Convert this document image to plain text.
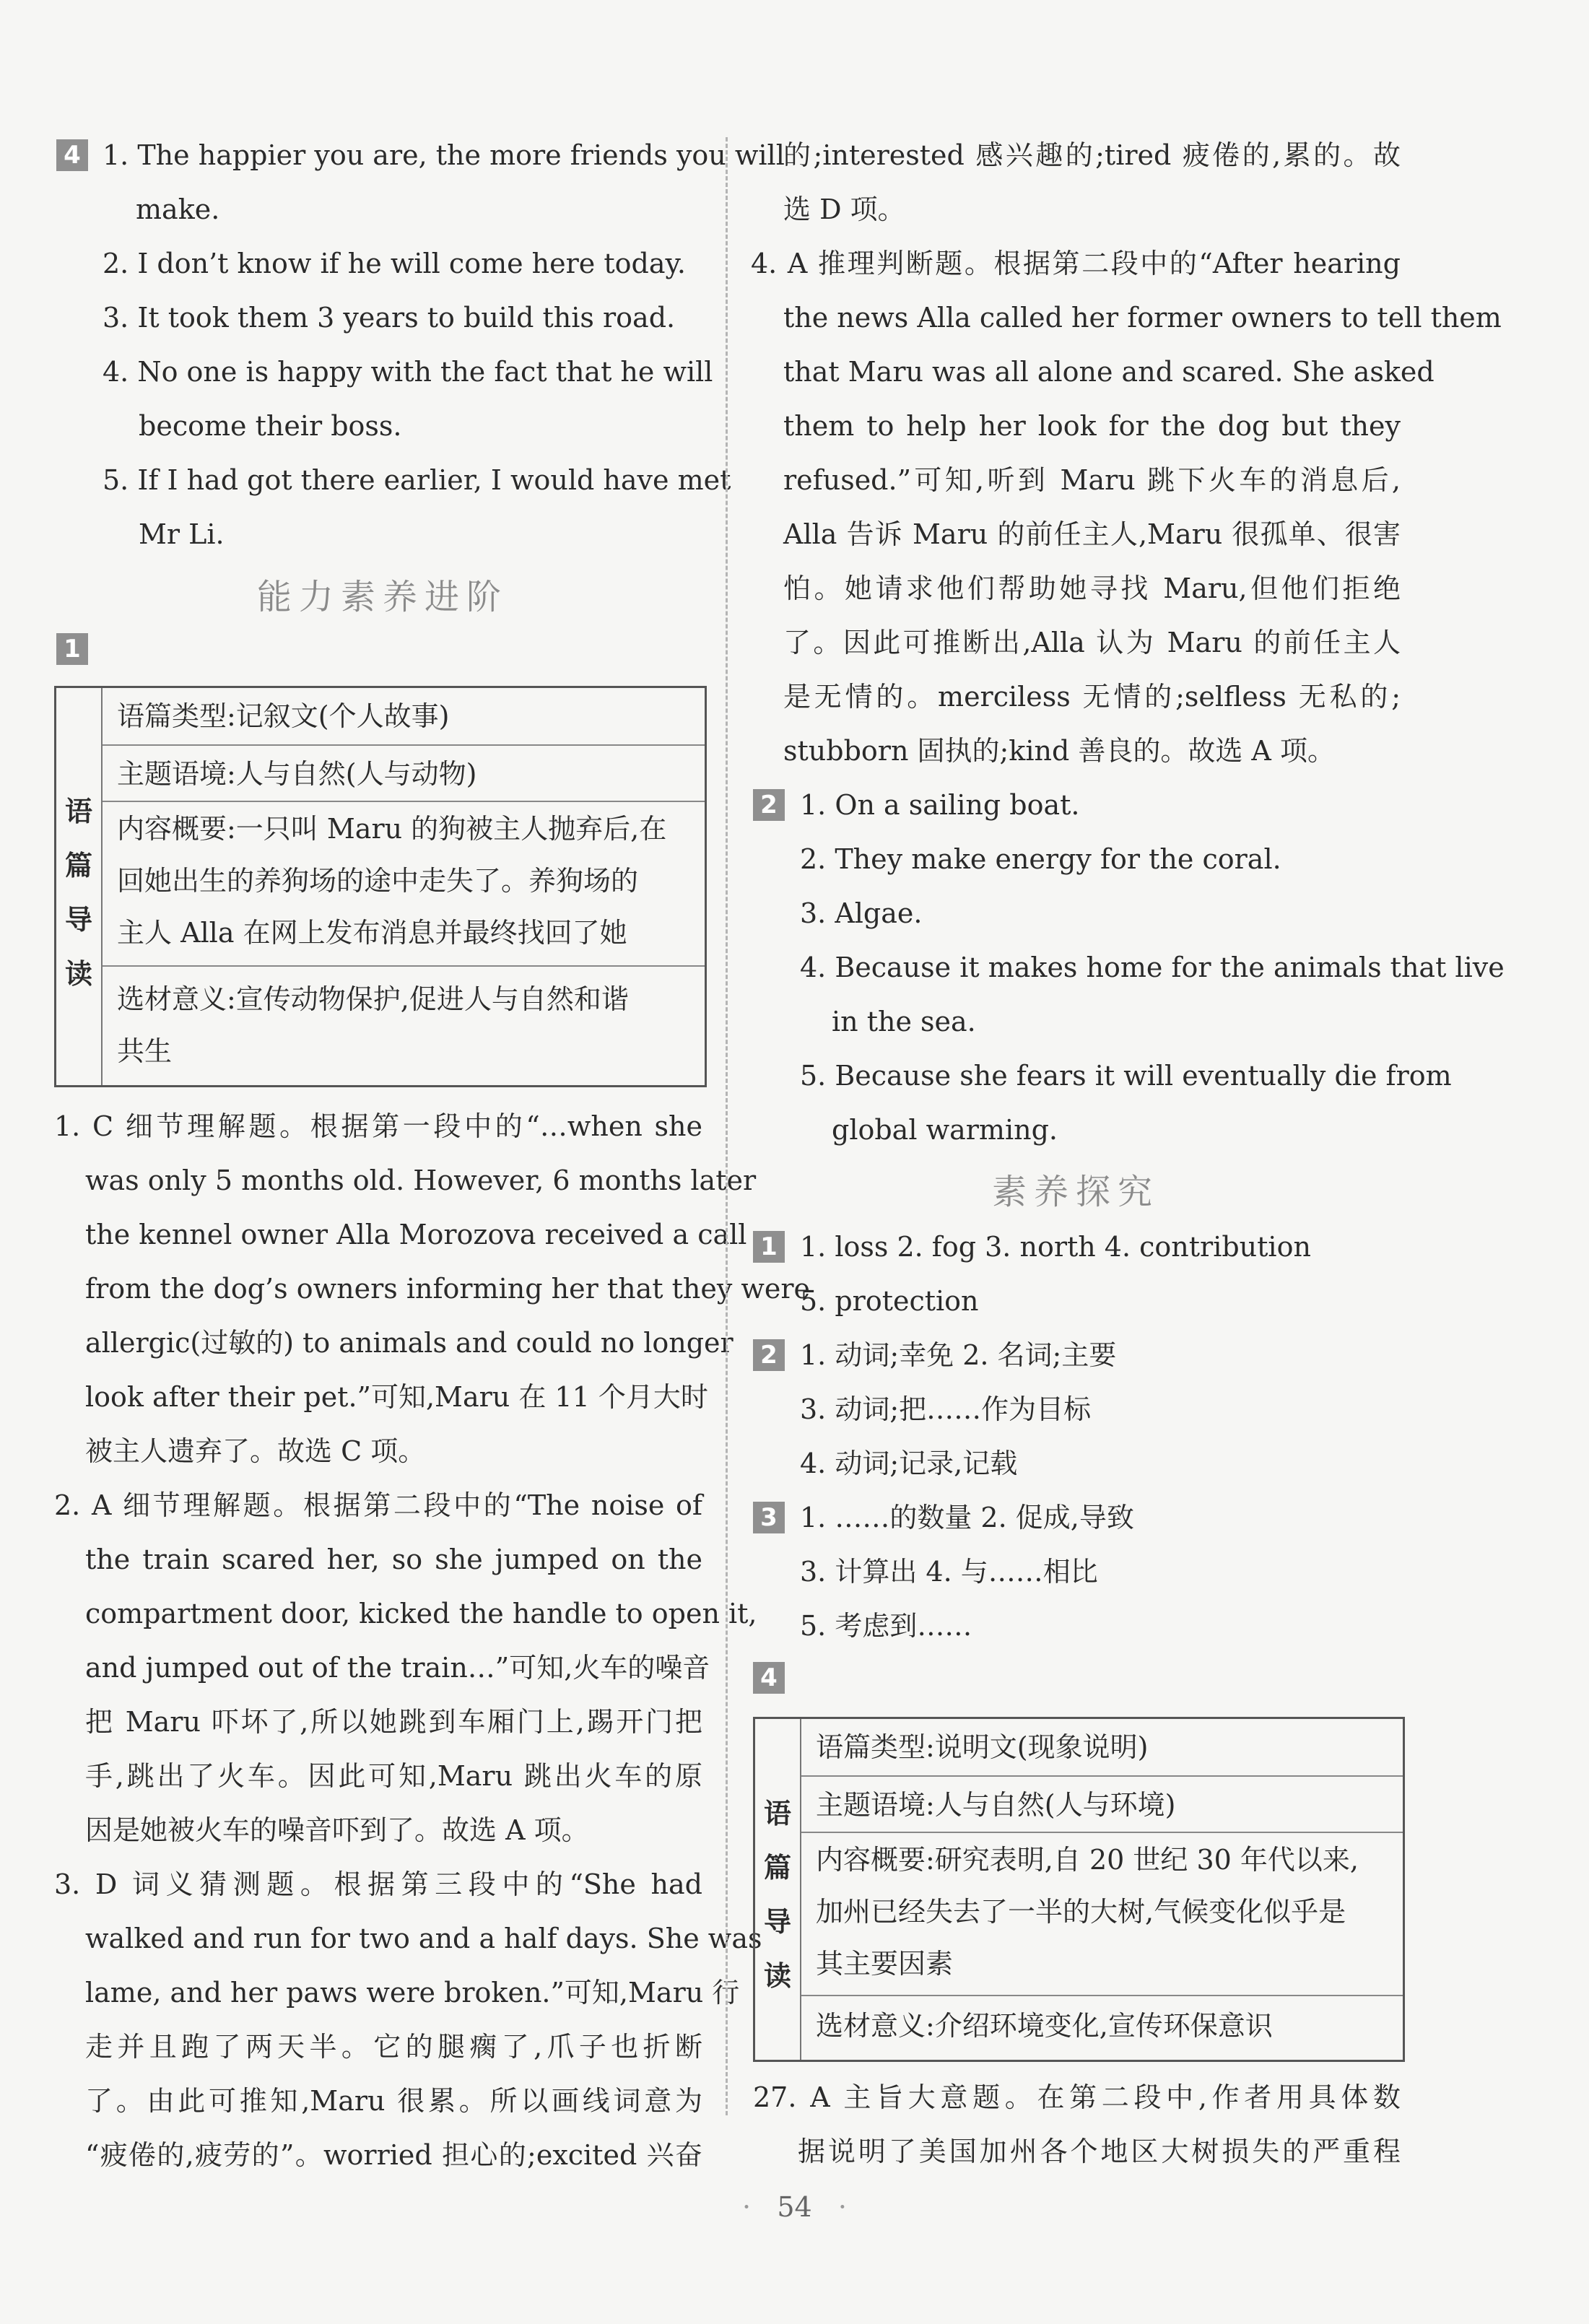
4 1. The happier you are, the more friends you will
make.
2. I don’t know if he will come here today.
3. It took them 3 years to build this road.
4. No one is happy with the fact that he will
become their boss.
5. If I had got there earlier, I would have met
Mr Li.
能力素养进阶
1
语
篇
导
读
语篇类型:记叙文(个人故事)
主题语境:人与自然(人与动物)
内容概要:一只叫 Maru 的狗被主人抛弃后,在
回她出生的养狗场的途中走失了。养狗场的
主人 Alla 在网上发布消息并最终找回了她
选材意义:宣传动物保护,促进人与自然和谐
共生
1. C 细节理解题。根据第一段中的“…when she
was only 5 months old. However, 6 months later
the kennel owner Alla Morozova received a call
from the dog’s owners informing her that they were
allergic(过敏的) to animals and could no longer
look after their pet.”可知,Maru 在 11 个月大时
被主人遗弃了。故选 C 项。
2. A 细节理解题。根据第二段中的“The noise of
the train scared her, so she jumped on the
compartment door, kicked the handle to open it,
and jumped out of the train…”可知,火车的噪音
把 Maru 吓坏了,所以她跳到车厢门上,踢开门把
手,跳出了火车。因此可知,Maru 跳出火车的原
因是她被火车的噪音吓到了。故选 A 项。
3. D 词义猜测题。根据第三段中的“She had
walked and run for two and a half days. She was
lame, and her paws were broken.”可知,Maru 行
走并且跑了两天半。它的腿瘸了,爪子也折断
了。由此可推知,Maru 很累。所以画线词意为
“疲倦的,疲劳的”。worried 担心的;excited 兴奋
的;interested 感兴趣的;tired 疲倦的,累的。故
选 D 项。
4. A 推理判断题。根据第二段中的“After hearing
the news Alla called her former owners to tell them
that Maru was all alone and scared. She asked
them to help her look for the dog but they
refused.”可知,听到 Maru 跳下火车的消息后,
Alla 告诉 Maru 的前任主人,Maru 很孤单、很害
怕。她请求他们帮助她寻找 Maru,但他们拒绝
了。因此可推断出,Alla 认为 Maru 的前任主人
是无情的。merciless 无情的;selfless 无私的;
stubborn 固执的;kind 善良的。故选 A 项。
2 1. On a sailing boat.
2. They make energy for the coral.
3. Algae.
4. Because it makes home for the animals that live
in the sea.
5. Because she fears it will eventually die from
global warming.
素养探究
1 1. loss 2. fog 3. north 4. contribution
5. protection
2 1. 动词;幸免 2. 名词;主要
3. 动词;把……作为目标
4. 动词;记录,记载
3 1. ……的数量 2. 促成,导致
3. 计算出 4. 与……相比
5. 考虑到……
4
语
篇
导
读
语篇类型:说明文(现象说明)
主题语境:人与自然(人与环境)
内容概要:研究表明,自 20 世纪 30 年代以来,
加州已经失去了一半的大树,气候变化似乎是
其主要因素
选材意义:介绍环境变化,宣传环保意识
27. A 主旨大意题。在第二段中,作者用具体数
据说明了美国加州各个地区大树损失的严重程
·   54   ·
